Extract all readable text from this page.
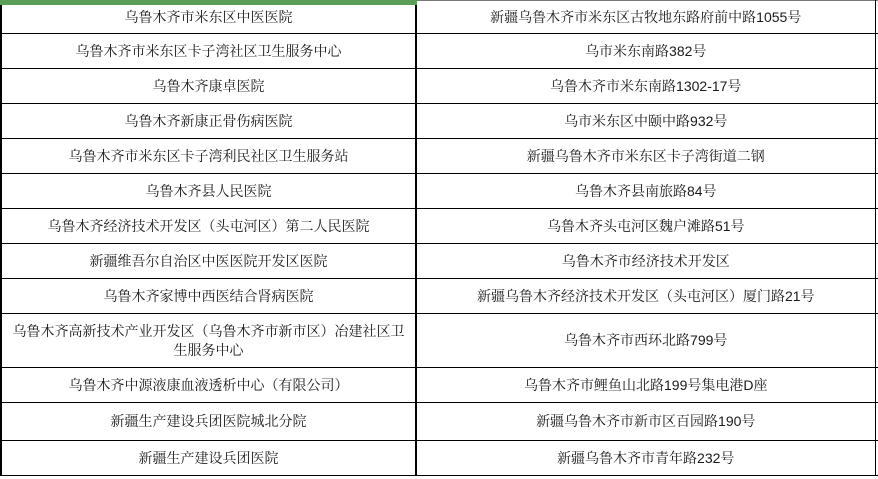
乌鲁木齐市米东区中医医院	新疆乌鲁木齐市米东区古牧地东路府前中路1055号	
乌鲁木齐市米东区卡子湾社区卫生服务中心	乌市米东南路382号	
乌鲁木齐康卓医院	乌鲁木齐市米东南路1302-17号	
乌鲁木齐新康正骨伤病医院	乌市米东区中颐中路932号	
乌鲁木齐市米东区卡子湾利民社区卫生服务站	新疆乌鲁木齐市米东区卡子湾街道二钢	
乌鲁木齐县人民医院	乌鲁木齐县南旅路84号	
乌鲁木齐经济技术开发区（头屯河区）第二人民医院	乌鲁木齐头屯河区魏户滩路51号	
新疆维吾尔自治区中医医院开发区医院	乌鲁木齐市经济技术开发区	
乌鲁木齐家博中西医结合肾病医院	新疆乌鲁木齐经济技术开发区（头屯河区）厦门路21号	
乌鲁木齐高新技术产业开发区（乌鲁木齐市新市区）冶建社区卫生服务中心	乌鲁木齐市西环北路799号	
乌鲁木齐中源液康血液透析中心（有限公司）	乌鲁木齐市鲤鱼山北路199号集电港D座	
新疆生产建设兵团医院城北分院	新疆乌鲁木齐市新市区百园路190号	
新疆生产建设兵团医院	新疆乌鲁木齐市青年路232号	
